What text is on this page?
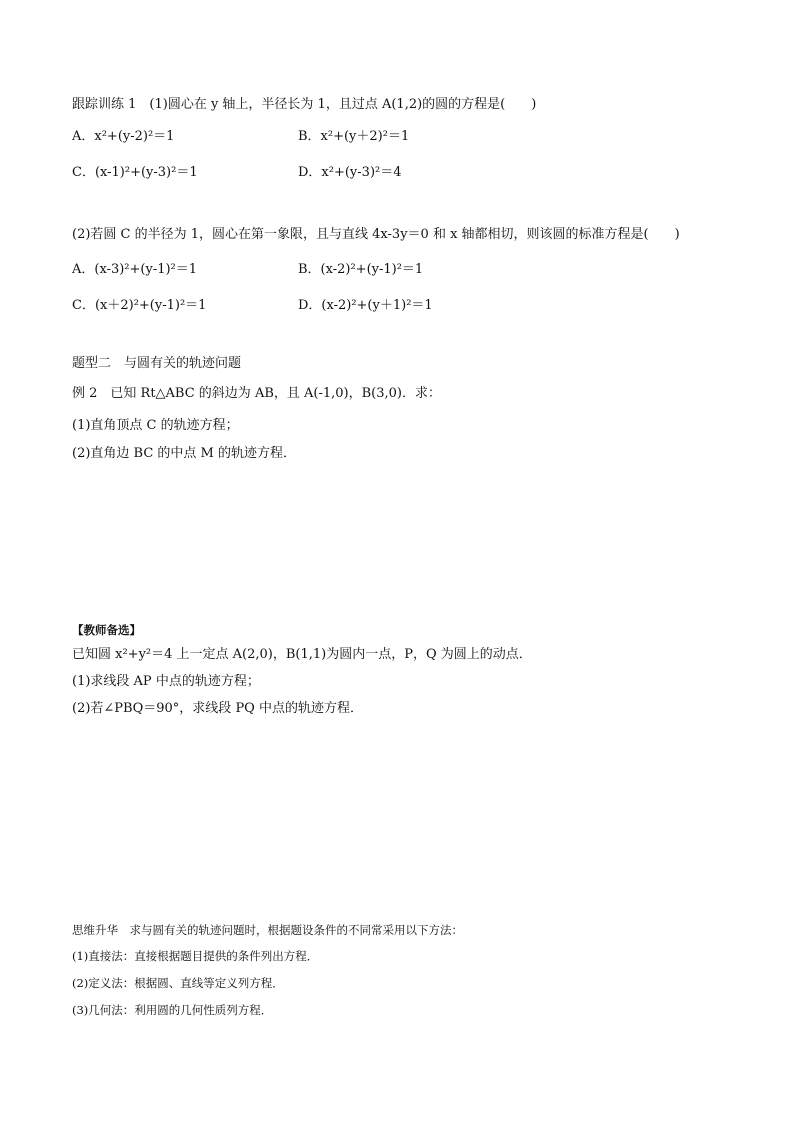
跟踪训练 1　(1)圆心在 y 轴上，半径长为 1，且过点 A(1,2)的圆的方程是(　　)
A．x²+(y-2)²＝1	B．x²+(y＋2)²＝1
C．(x-1)²+(y-3)²＝1	D．x²+(y-3)²＝4
(2)若圆 C 的半径为 1，圆心在第一象限，且与直线 4x-3y＝0 和 x 轴都相切，则该圆的标准方程是(　　)
A．(x-3)²+(y-1)²＝1	B．(x-2)²+(y-1)²＝1
C．(x＋2)²+(y-1)²＝1	D．(x-2)²+(y＋1)²＝1
题型二　与圆有关的轨迹问题
例 2　已知 Rt△ABC 的斜边为 AB，且 A(-1,0)，B(3,0)．求：
(1)直角顶点 C 的轨迹方程；
(2)直角边 BC 的中点 M 的轨迹方程．
【教师备选】
已知圆 x²+y²＝4 上一定点 A(2,0)，B(1,1)为圆内一点，P，Q 为圆上的动点．
(1)求线段 AP 中点的轨迹方程；
(2)若∠PBQ＝90°，求线段 PQ 中点的轨迹方程．
思维升华　求与圆有关的轨迹问题时，根据题设条件的不同常采用以下方法：
(1)直接法：直接根据题目提供的条件列出方程．
(2)定义法：根据圆、直线等定义列方程．
(3)几何法：利用圆的几何性质列方程．
